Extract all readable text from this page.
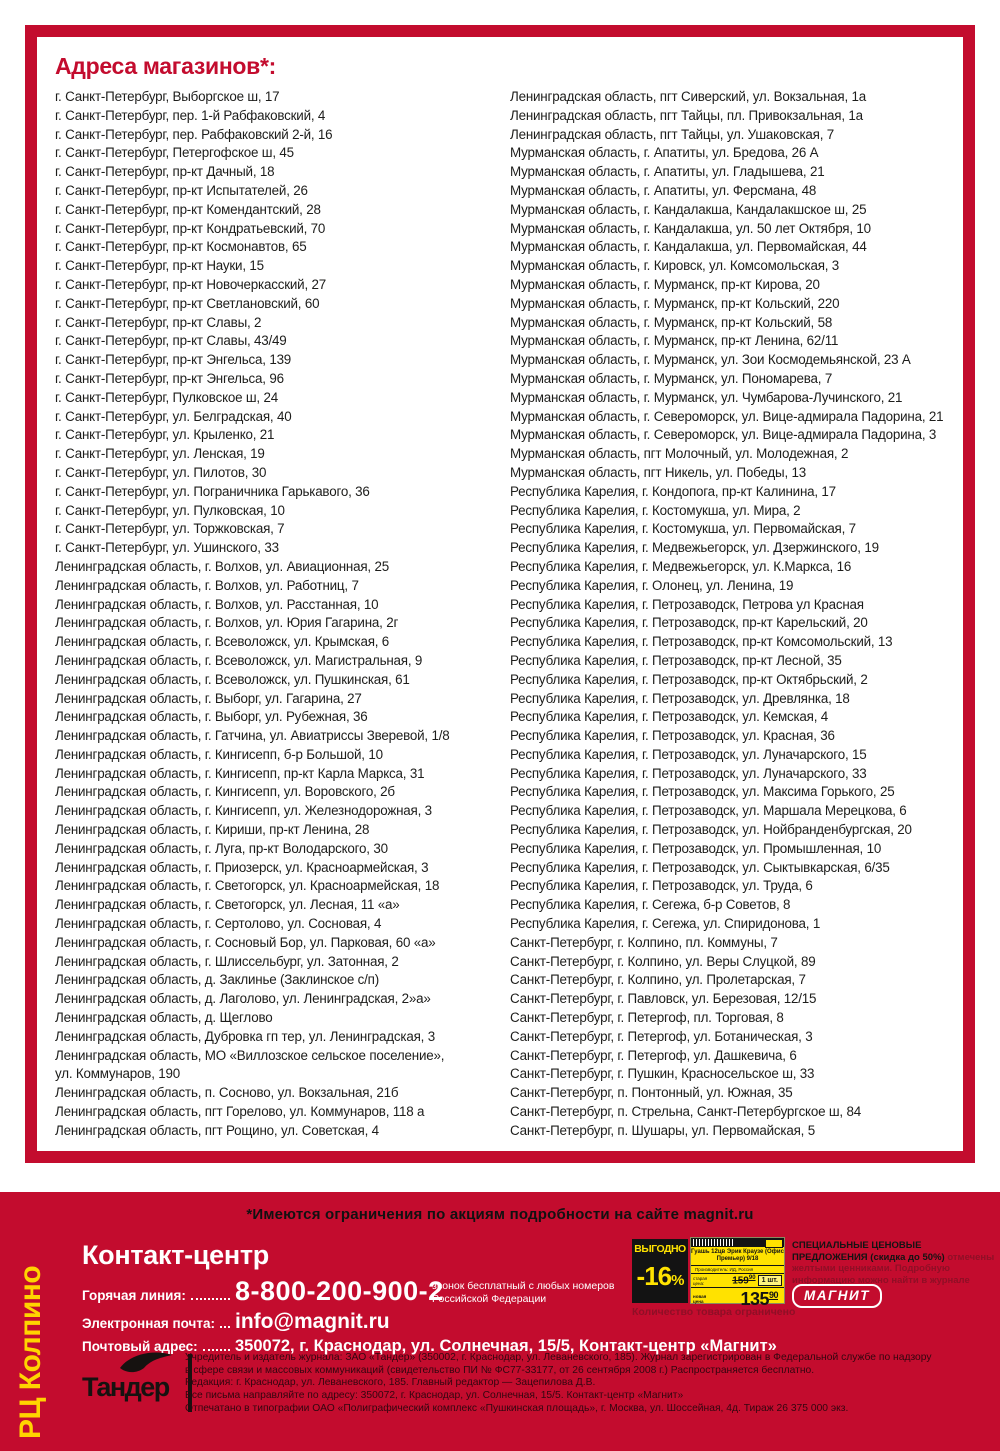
Адреса магазинов*:
г. Санкт-Петербург, Выборгское ш, 17
г. Санкт-Петербург, пер. 1-й Рабфаковский, 4
г. Санкт-Петербург, пер. Рабфаковский 2-й, 16
г. Санкт-Петербург, Петергофское ш, 45
г. Санкт-Петербург, пр-кт Дачный, 18
г. Санкт-Петербург, пр-кт Испытателей, 26
г. Санкт-Петербург, пр-кт Комендантский, 28
г. Санкт-Петербург, пр-кт Кондратьевский, 70
г. Санкт-Петербург, пр-кт Космонавтов, 65
г. Санкт-Петербург, пр-кт Науки, 15
г. Санкт-Петербург, пр-кт Новочеркасский, 27
г. Санкт-Петербург, пр-кт Светлановский, 60
г. Санкт-Петербург, пр-кт Славы, 2
г. Санкт-Петербург, пр-кт Славы, 43/49
г. Санкт-Петербург, пр-кт Энгельса, 139
г. Санкт-Петербург, пр-кт Энгельса, 96
г. Санкт-Петербург, Пулковское ш, 24
г. Санкт-Петербург, ул. Белградская, 40
г. Санкт-Петербург, ул. Крыленко, 21
г. Санкт-Петербург, ул. Ленская, 19
г. Санкт-Петербург, ул. Пилотов, 30
г. Санкт-Петербург, ул. Пограничника Гарькавого, 36
г. Санкт-Петербург, ул. Пулковская, 10
г. Санкт-Петербург, ул. Торжковская, 7
г. Санкт-Петербург, ул. Ушинского, 33
Ленинградская область, г. Волхов, ул. Авиационная, 25
Ленинградская область, г. Волхов, ул. Работниц, 7
Ленинградская область, г. Волхов, ул. Расстанная, 10
Ленинградская область, г. Волхов, ул. Юрия Гагарина, 2г
Ленинградская область, г. Всеволожск, ул. Крымская, 6
Ленинградская область, г. Всеволожск, ул. Магистральная, 9
Ленинградская область, г. Всеволожск, ул. Пушкинская, 61
Ленинградская область, г. Выборг, ул. Гагарина, 27
Ленинградская область, г. Выборг, ул. Рубежная, 36
Ленинградская область, г. Гатчина, ул. Авиатриссы Зверевой, 1/8
Ленинградская область, г. Кингисепп, б-р Большой, 10
Ленинградская область, г. Кингисепп, пр-кт Карла Маркса, 31
Ленинградская область, г. Кингисепп, ул. Воровского, 2б
Ленинградская область, г. Кингисепп, ул. Железнодорожная, 3
Ленинградская область, г. Кириши, пр-кт Ленина, 28
Ленинградская область, г. Луга, пр-кт Володарского, 30
Ленинградская область, г. Приозерск, ул. Красноармейская, 3
Ленинградская область, г. Светогорск, ул. Красноармейская, 18
Ленинградская область, г. Светогорск, ул. Лесная, 11 «а»
Ленинградская область, г. Сертолово, ул. Сосновая, 4
Ленинградская область, г. Сосновый Бор, ул. Парковая, 60 «а»
Ленинградская область, г. Шлиссельбург, ул. Затонная, 2
Ленинградская область, д. Заклинье (Заклинское с/п)
Ленинградская область, д. Лаголово, ул. Ленинградская, 2»а»
Ленинградская область, д. Щеглово
Ленинградская область, Дубровка гп тер, ул. Ленинградская, 3
Ленинградская область, МО «Виллозское сельское поселение»,
ул. Коммунаров, 190
Ленинградская область, п. Сосново, ул. Вокзальная, 21б
Ленинградская область, пгт Горелово, ул. Коммунаров, 118 а
Ленинградская область, пгт Рощино, ул. Советская, 4
Ленинградская область, пгт Сиверский, ул. Вокзальная, 1а
Ленинградская область, пгт Тайцы, пл. Привокзальная, 1а
Ленинградская область, пгт Тайцы, ул. Ушаковская, 7
Мурманская область, г. Апатиты, ул. Бредова, 26 А
Мурманская область, г. Апатиты, ул. Гладышева, 21
Мурманская область, г. Апатиты, ул. Ферсмана, 48
Мурманская область, г. Кандалакша, Кандалакшское ш, 25
Мурманская область, г. Кандалакша, ул. 50 лет Октября, 10
Мурманская область, г. Кандалакша, ул. Первомайская, 44
Мурманская область, г. Кировск, ул. Комсомольская, 3
Мурманская область, г. Мурманск, пр-кт Кирова, 20
Мурманская область, г. Мурманск, пр-кт Кольский, 220
Мурманская область, г. Мурманск, пр-кт Кольский, 58
Мурманская область, г. Мурманск, пр-кт Ленина, 62/11
Мурманская область, г. Мурманск, ул. Зои Космодемьянской, 23 А
Мурманская область, г. Мурманск, ул. Пономарева, 7
Мурманская область, г. Мурманск, ул. Чумбарова-Лучинского, 21
Мурманская область, г. Североморск, ул. Вице-адмирала Падорина, 21
Мурманская область, г. Североморск, ул. Вице-адмирала Падорина, 3
Мурманская область, пгт Молочный, ул. Молодежная, 2
Мурманская область, пгт Никель, ул. Победы, 13
Республика Карелия, г. Кондопога, пр-кт Калинина, 17
Республика Карелия, г. Костомукша, ул. Мира, 2
Республика Карелия, г. Костомукша, ул. Первомайская, 7
Республика Карелия, г. Медвежьегорск, ул. Дзержинского, 19
Республика Карелия, г. Медвежьегорск, ул. К.Маркса, 16
Республика Карелия, г. Олонец, ул. Ленина, 19
Республика Карелия, г. Петрозаводск, Петрова ул Красная
Республика Карелия, г. Петрозаводск, пр-кт Карельский, 20
Республика Карелия, г. Петрозаводск, пр-кт Комсомольский, 13
Республика Карелия, г. Петрозаводск, пр-кт Лесной, 35
Республика Карелия, г. Петрозаводск, пр-кт Октябрьский, 2
Республика Карелия, г. Петрозаводск, ул. Древлянка, 18
Республика Карелия, г. Петрозаводск, ул. Кемская, 4
Республика Карелия, г. Петрозаводск, ул. Красная, 36
Республика Карелия, г. Петрозаводск, ул. Луначарского, 15
Республика Карелия, г. Петрозаводск, ул. Луначарского, 33
Республика Карелия, г. Петрозаводск, ул. Максима Горького, 25
Республика Карелия, г. Петрозаводск, ул. Маршала Мерецкова, 6
Республика Карелия, г. Петрозаводск, ул. Нойбранденбургская, 20
Республика Карелия, г. Петрозаводск, ул. Промышленная, 10
Республика Карелия, г. Петрозаводск, ул. Сыктывкарская, 6/35
Республика Карелия, г. Петрозаводск, ул. Труда, 6
Республика Карелия, г. Сегежа, б-р Советов, 8
Республика Карелия, г. Сегежа, ул. Спиридонова, 1
Санкт-Петербург, г. Колпино, пл. Коммуны, 7
Санкт-Петербург, г. Колпино, ул. Веры Слуцкой, 89
Санкт-Петербург, г. Колпино, ул. Пролетарская, 7
Санкт-Петербург, г. Павловск, ул. Березовая, 12/15
Санкт-Петербург, г. Петергоф, пл. Торговая, 8
Санкт-Петербург, г. Петергоф, ул. Ботаническая, 3
Санкт-Петербург, г. Петергоф, ул. Дашкевича, 6
Санкт-Петербург, г. Пушкин, Красносельское ш, 33
Санкт-Петербург, п. Понтонный, ул. Южная, 35
Санкт-Петербург, п. Стрельна, Санкт-Петербургское ш, 84
Санкт-Петербург, п. Шушары, ул. Первомайская, 5
*Имеются ограничения по акциям подробности на сайте magnit.ru
Контакт-центр
Горячая линия: 8-800-200-900-2
Электронная почта: info@magnit.ru
Почтовый адрес: 350072, г. Краснодар, ул. Солнечная, 15/5, Контакт-центр «Магнит»
звонок бесплатный с любых номеров Российской Федерации
РЦ Колпино Тандер
Учредитель и издатель журнала: ЗАО «Тандер» (350002, г. Краснодар, ул. Леваневского, 185). Журнал зарегистрирован в Федеральной службе по надзору
в сфере связи и массовых коммуникаций (свидетельство ПИ № ФС77-33177, от 26 сентября 2008 г.) Распространяется бесплатно.
Редакция: г. Краснодар, ул. Леваневского, 185. Главный редактор — Зацепилова Д.В.
Все письма направляйте по адресу: 350072, г. Краснодар, ул. Солнечная, 15/5. Контакт-центр «Магнит»
Отпечатано в типографии ОАО «Полиграфический комплекс «Пушкинская площадь», г. Москва, ул. Шоссейная, 4д. Тираж 26 375 000 экз.
ВЫГОДНО
-16%
Гуашь 12цв Эрик Краузе (Офис Премьер) 9/18
Производитель: ИД, Россия
старая цена:	$159^{90}$ 1 шт.
новая цена	$135^{90}$
Количество товара ограничено
СПЕЦИАЛЬНЫЕ ЦЕНОВЫЕ ПРЕДЛОЖЕНИЯ (скидка до 50%) отмечены желтыми ценниками. Подробную информацию можно найти в журнале
МАГНИТ
